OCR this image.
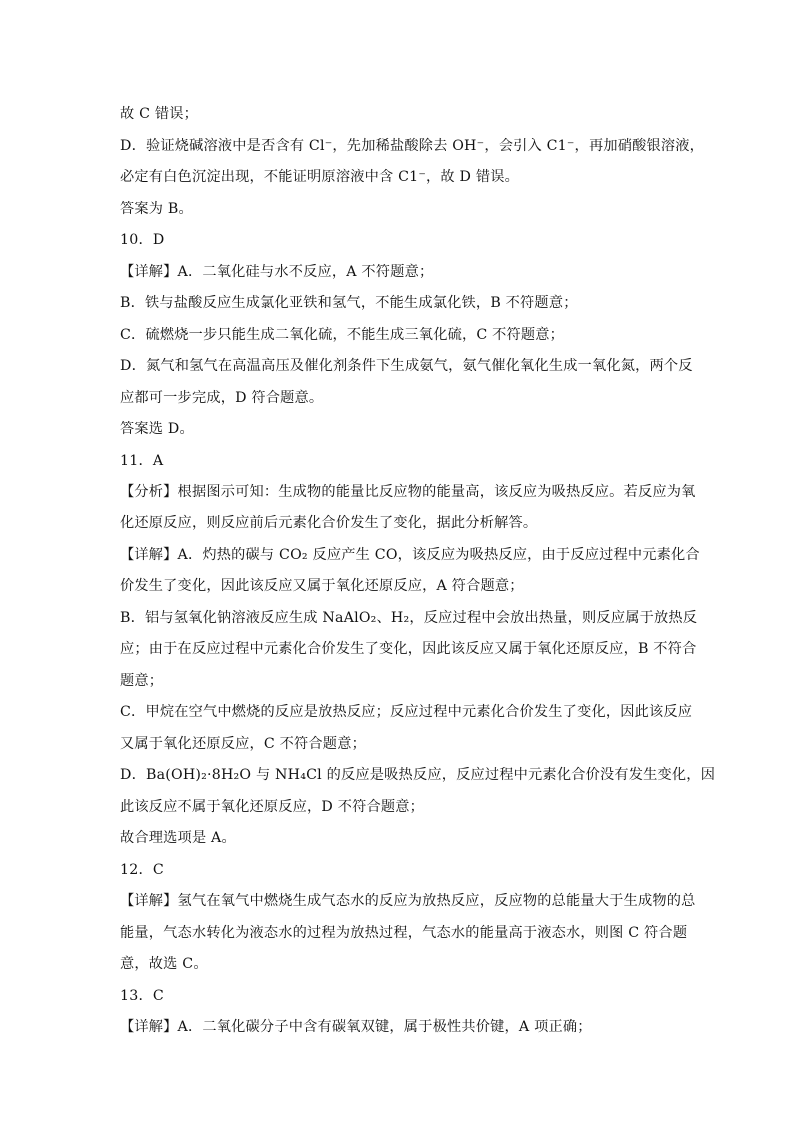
故 C 错误；
D．验证烧碱溶液中是否含有 Cl⁻，先加稀盐酸除去 OH⁻，会引入 C1⁻，再加硝酸银溶液，
必定有白色沉淀出现，不能证明原溶液中含 C1⁻，故 D 错误。
答案为 B。
10．D
【详解】A．二氧化硅与水不反应，A 不符题意；
B．铁与盐酸反应生成氯化亚铁和氢气，不能生成氯化铁，B 不符题意；
C．硫燃烧一步只能生成二氧化硫，不能生成三氧化硫，C 不符题意；
D．氮气和氢气在高温高压及催化剂条件下生成氨气，氨气催化氧化生成一氧化氮，两个反
应都可一步完成，D 符合题意。
答案选 D。
11．A
【分析】根据图示可知：生成物的能量比反应物的能量高，该反应为吸热反应。若反应为氧
化还原反应，则反应前后元素化合价发生了变化，据此分析解答。
【详解】A．灼热的碳与 CO₂ 反应产生 CO，该反应为吸热反应，由于反应过程中元素化合
价发生了变化，因此该反应又属于氧化还原反应，A 符合题意；
B．铝与氢氧化钠溶液反应生成 NaAlO₂、H₂，反应过程中会放出热量，则反应属于放热反
应；由于在反应过程中元素化合价发生了变化，因此该反应又属于氧化还原反应，B 不符合
题意；
C．甲烷在空气中燃烧的反应是放热反应；反应过程中元素化合价发生了变化，因此该反应
又属于氧化还原反应，C 不符合题意；
D．Ba(OH)₂·8H₂O 与 NH₄Cl 的反应是吸热反应，反应过程中元素化合价没有发生变化，因
此该反应不属于氧化还原反应，D 不符合题意；
故合理选项是 A。
12．C
【详解】氢气在氧气中燃烧生成气态水的反应为放热反应，反应物的总能量大于生成物的总
能量，气态水转化为液态水的过程为放热过程，气态水的能量高于液态水，则图 C 符合题
意，故选 C。
13．C
【详解】A．二氧化碳分子中含有碳氧双键，属于极性共价键，A 项正确；
